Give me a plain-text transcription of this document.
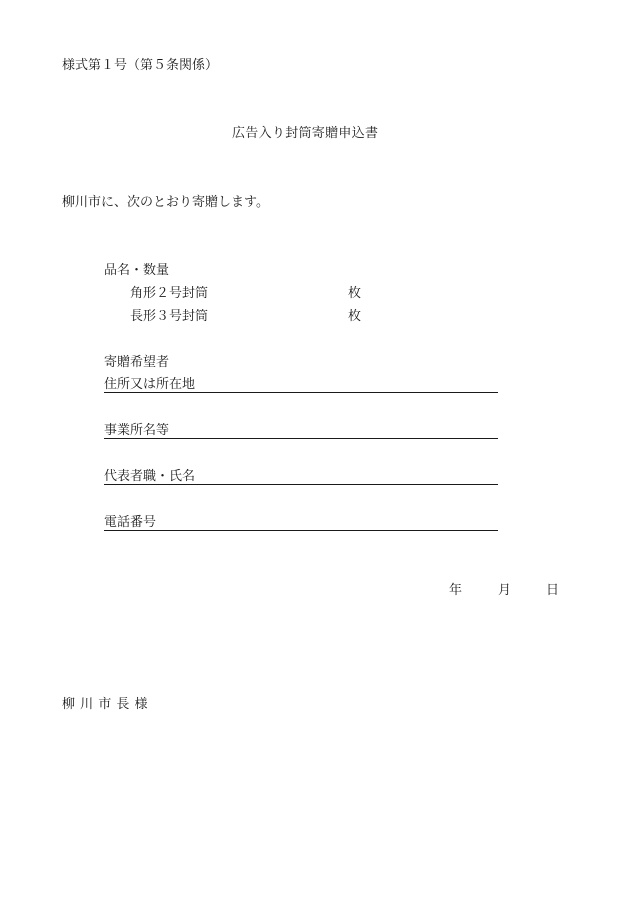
様式第１号（第５条関係）
広告入り封筒寄贈申込書
柳川市に、次のとおり寄贈します。
品名・数量
角形２号封筒	枚
長形３号封筒	枚
寄贈希望者
住所又は所在地
事業所名等
代表者職・氏名
電話番号
年	月	日
柳 川 市 長 様
